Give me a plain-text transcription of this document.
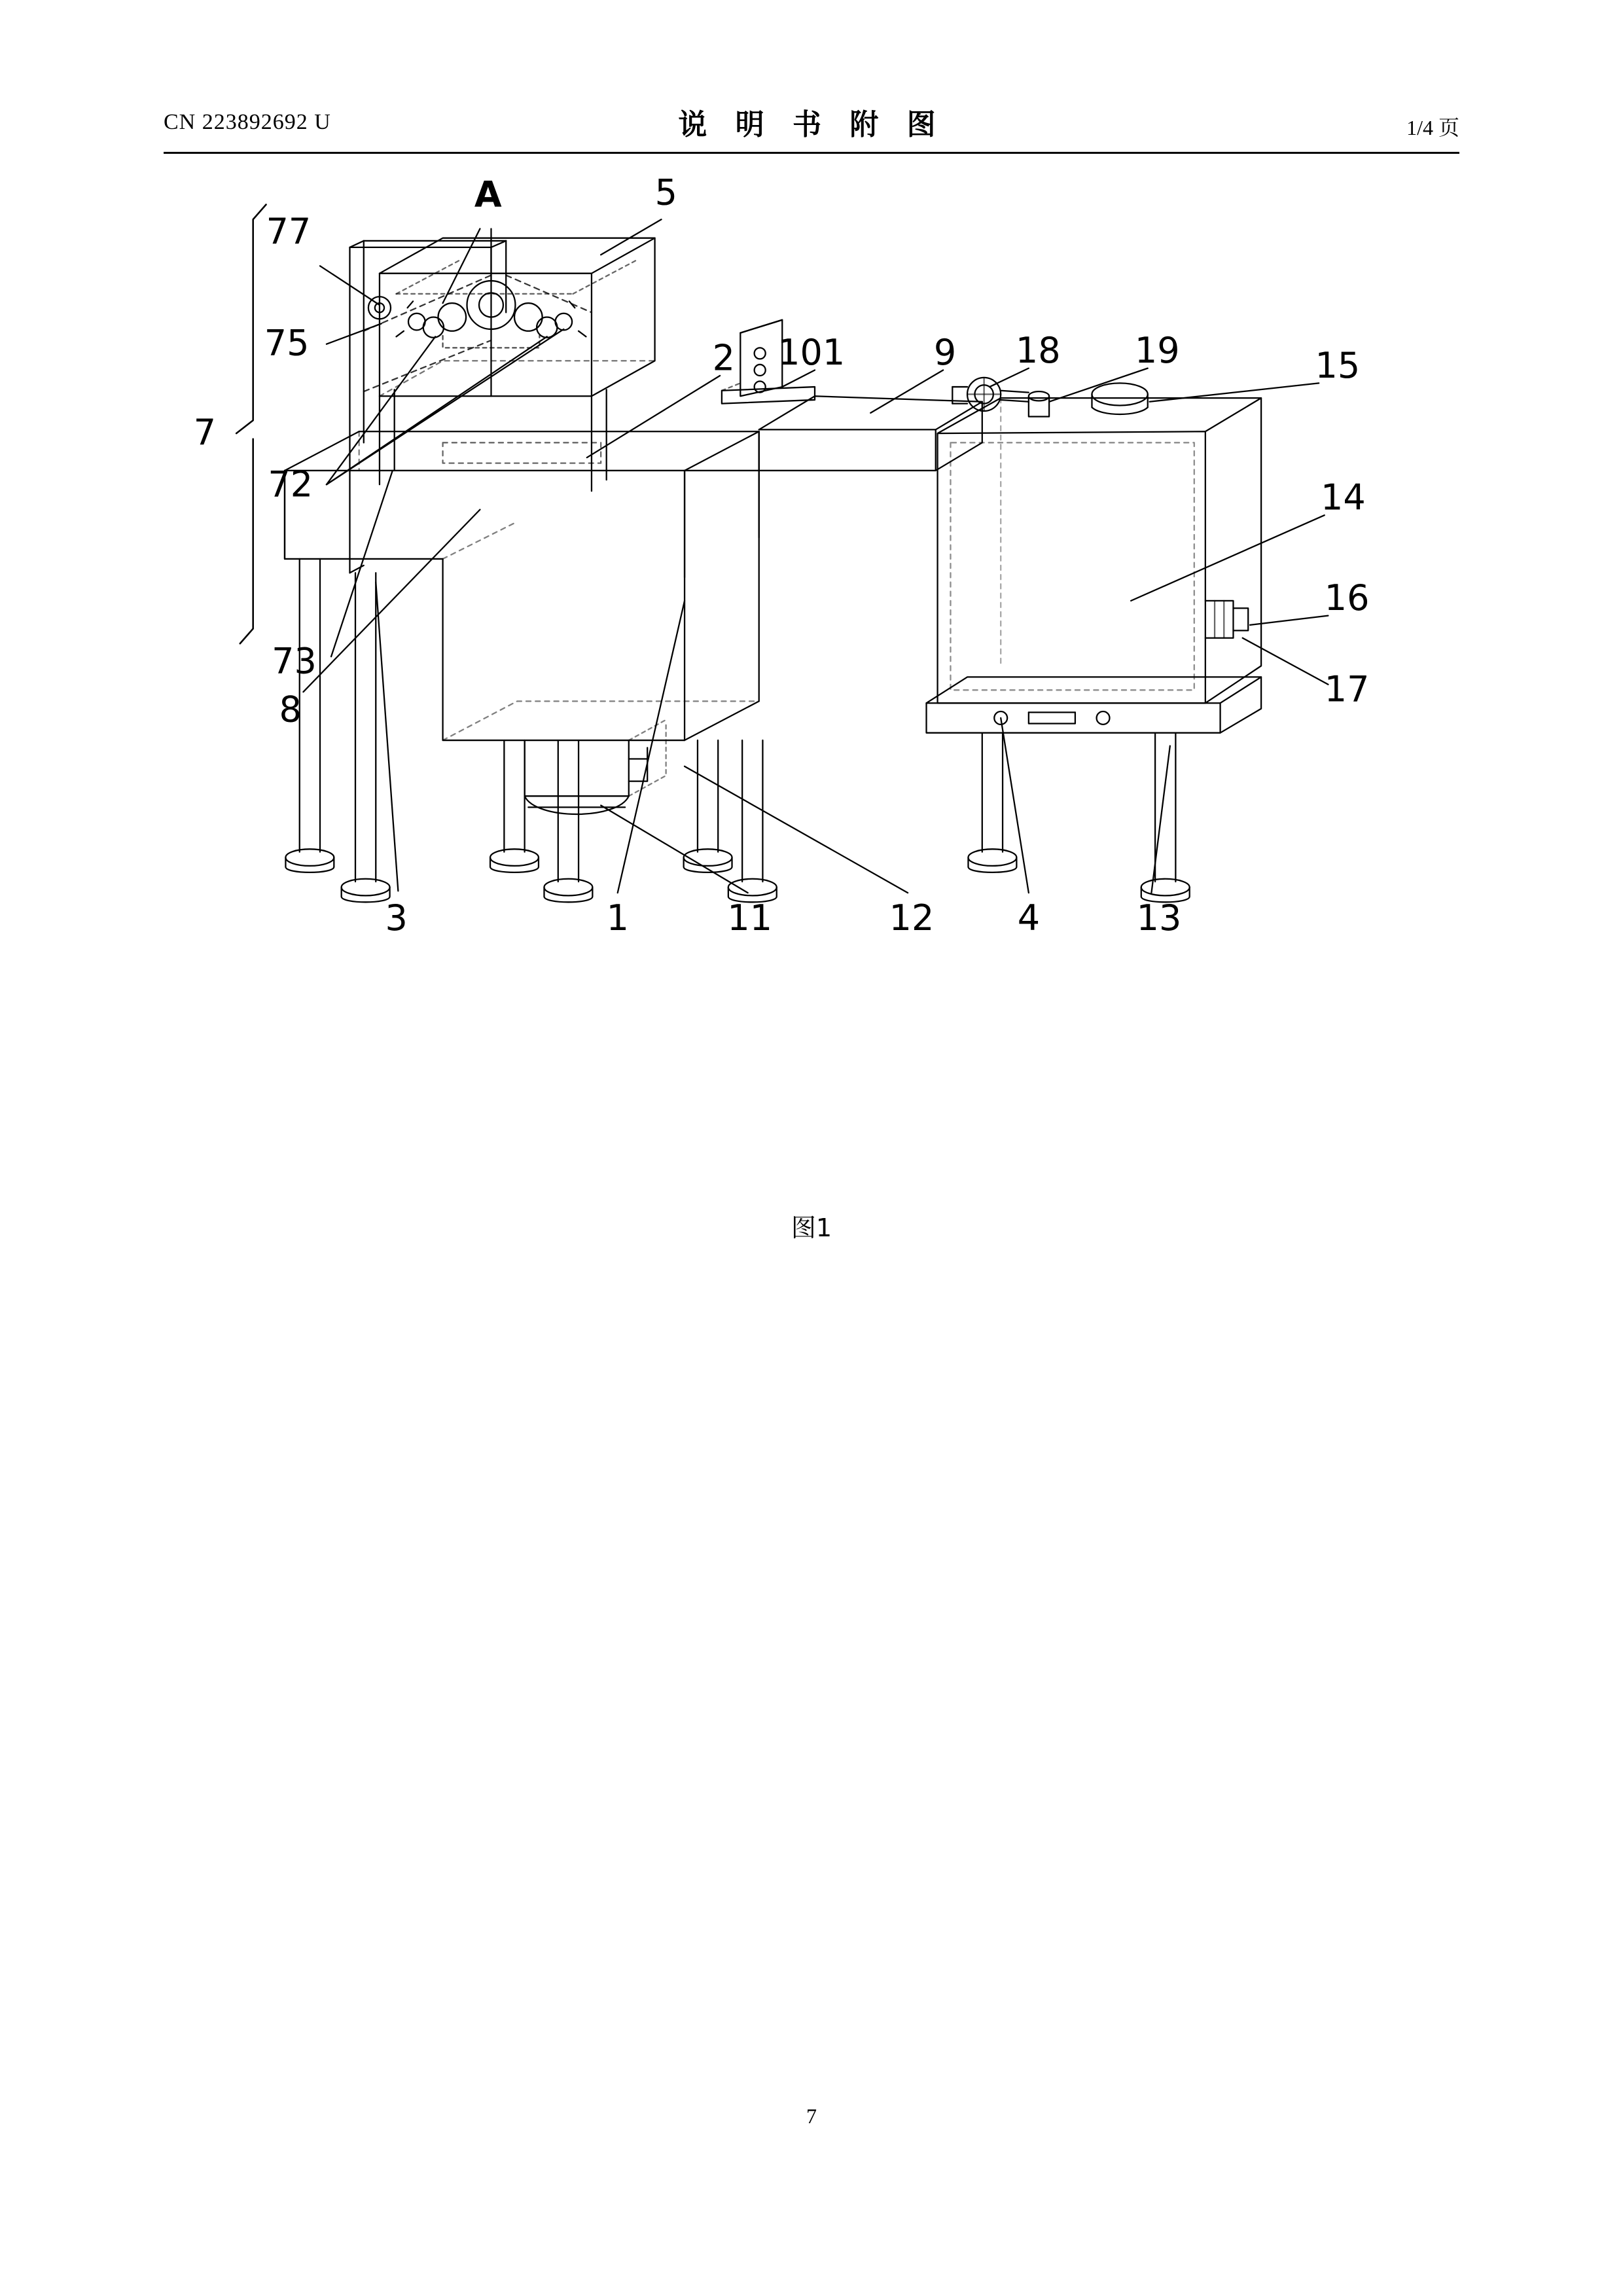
CN 223892692 U	说 明 书 附 图	1/4 页
77
A	5
75
7
72
73
2 101	9 18	19	15
14
16
17
8
3	1	11	12	4	13
图1
7
